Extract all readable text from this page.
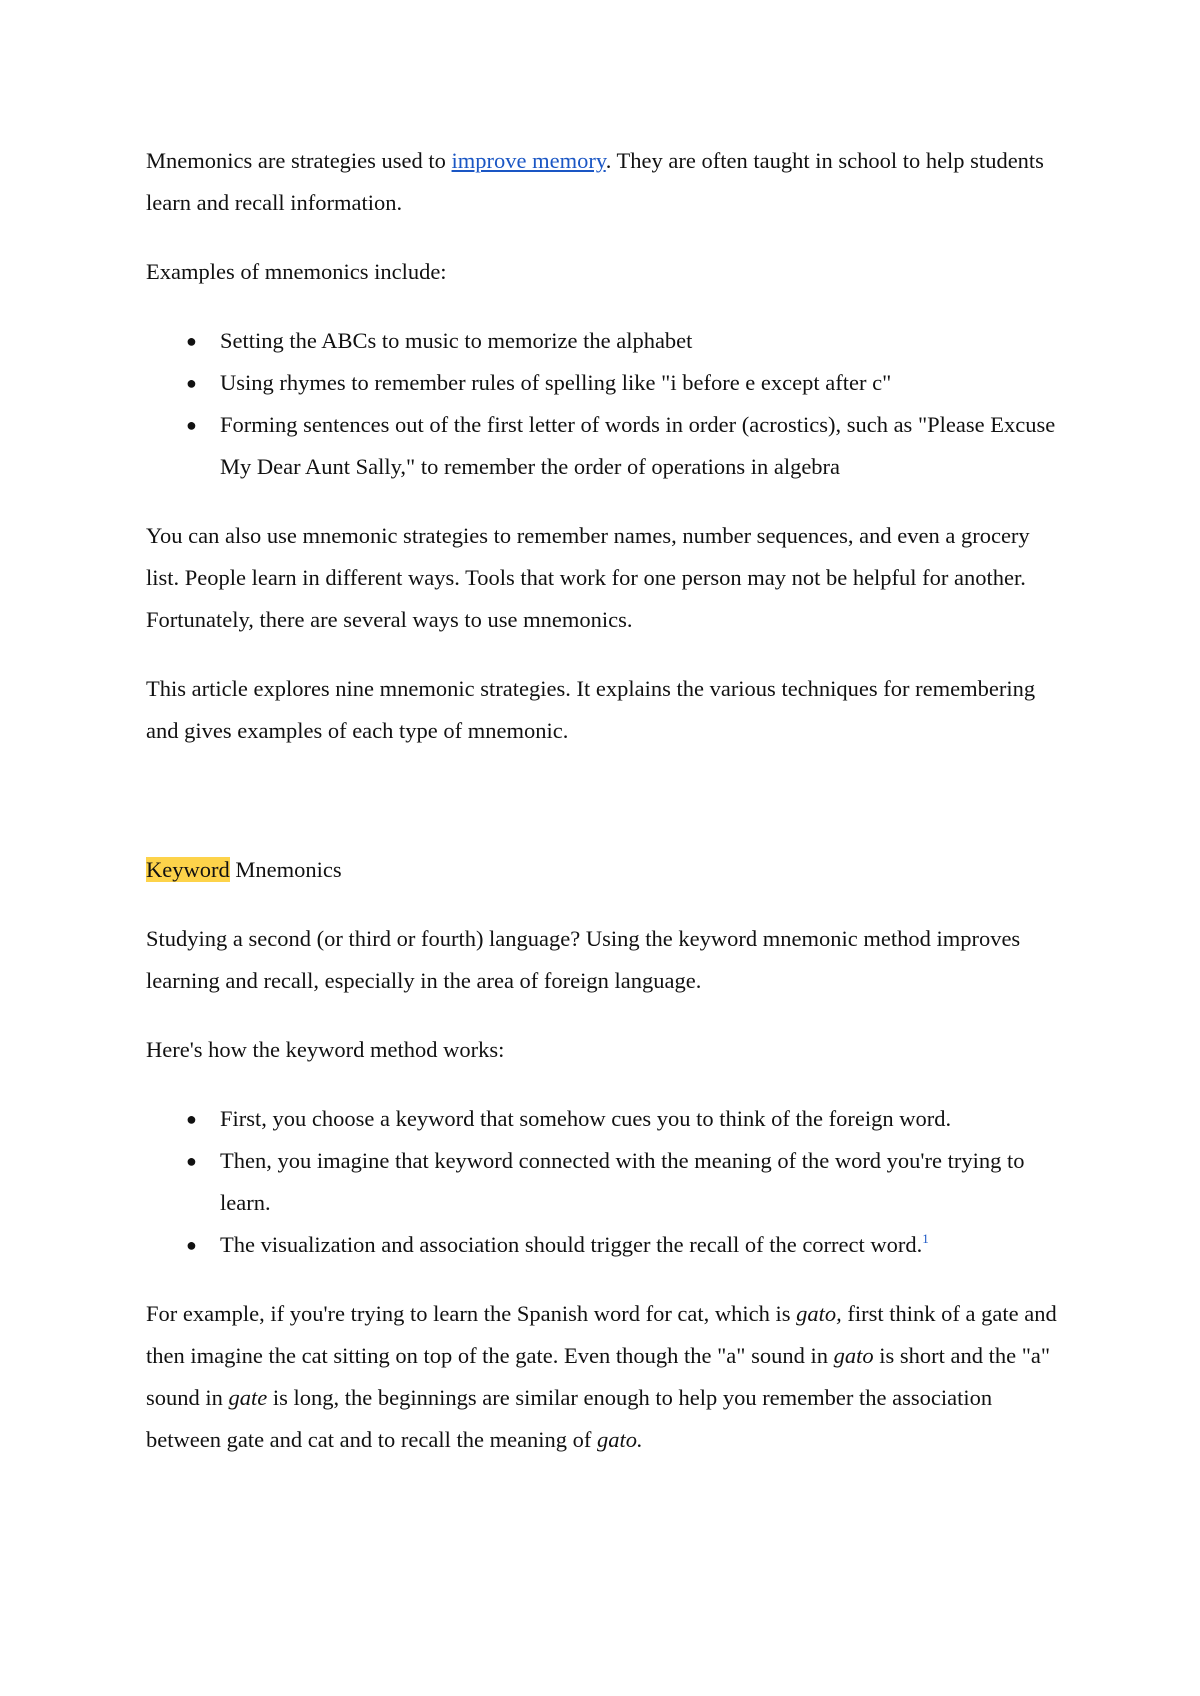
Mnemonics are strategies used to improve memory. They are often taught in school to help students learn and recall information.

Examples of mnemonics include:

● Setting the ABCs to music to memorize the alphabet
● Using rhymes to remember rules of spelling like "i before e except after c"
● Forming sentences out of the first letter of words in order (acrostics), such as "Please Excuse My Dear Aunt Sally," to remember the order of operations in algebra

You can also use mnemonic strategies to remember names, number sequences, and even a grocery list. People learn in different ways. Tools that work for one person may not be helpful for another. Fortunately, there are several ways to use mnemonics.

This article explores nine mnemonic strategies. It explains the various techniques for remembering and gives examples of each type of mnemonic.

Keyword Mnemonics

Studying a second (or third or fourth) language? Using the keyword mnemonic method improves learning and recall, especially in the area of foreign language.

Here's how the keyword method works:

● First, you choose a keyword that somehow cues you to think of the foreign word.
● Then, you imagine that keyword connected with the meaning of the word you're trying to learn.
● The visualization and association should trigger the recall of the correct word.$^1$

For example, if you're trying to learn the Spanish word for cat, which is gato, first think of a gate and then imagine the cat sitting on top of the gate. Even though the "a" sound in gato is short and the "a" sound in gate is long, the beginnings are similar enough to help you remember the association between gate and cat and to recall the meaning of gato.
